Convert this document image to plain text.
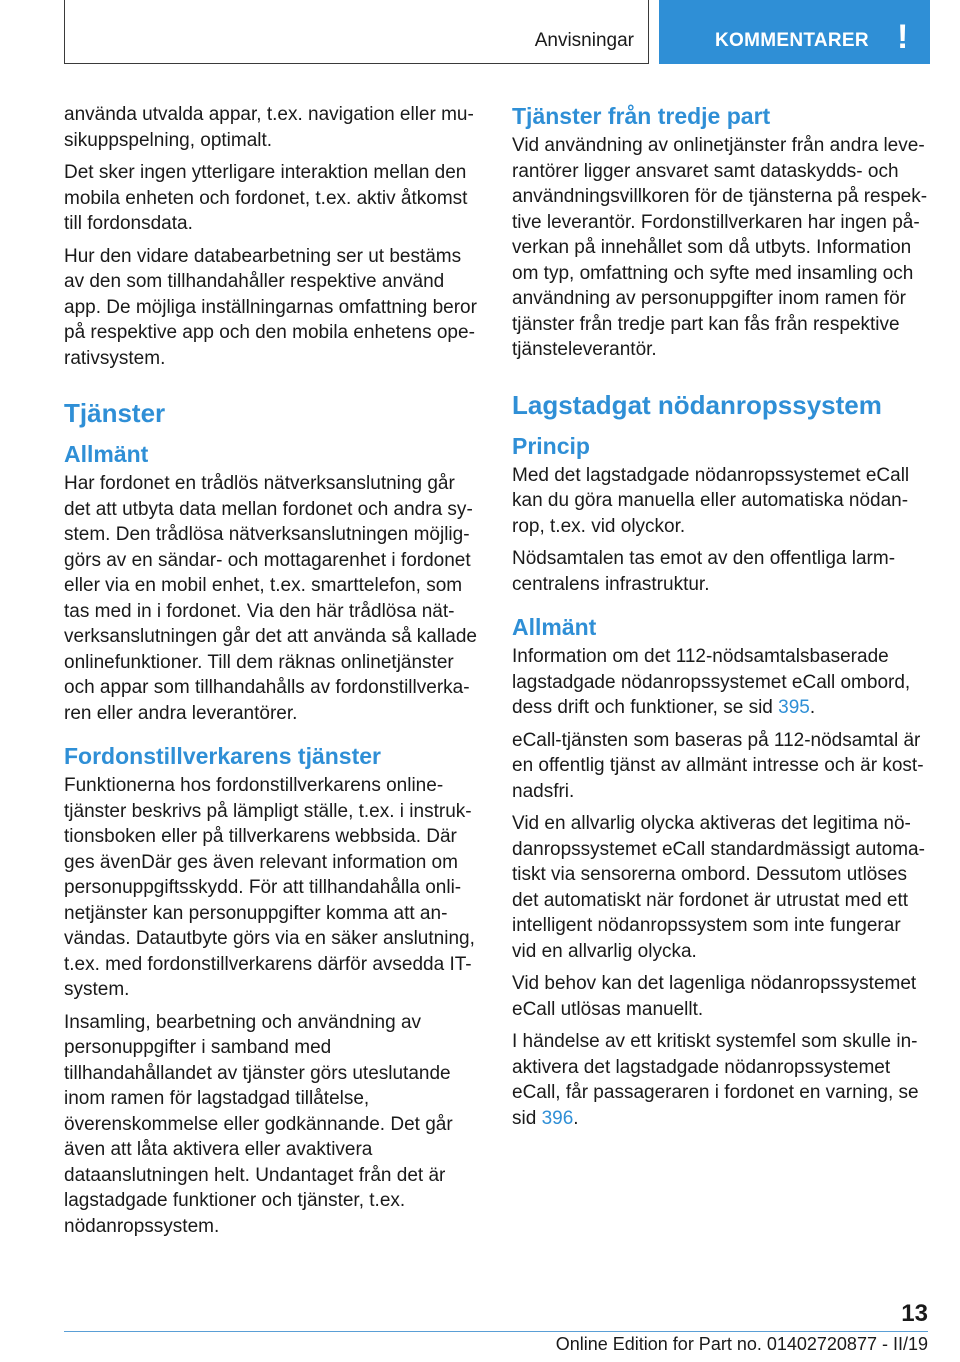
Anvisningar	KOMMENTARER !

använda utvalda appar, t.ex. navigation eller musikuppspelning, optimalt.

Det sker ingen ytterligare interaktion mellan den mobila enheten och fordonet, t.ex. aktiv åtkomst till fordonsdata.

Hur den vidare databearbetning ser ut bestäms av den som tillhandahåller respektive använd app. De möjliga inställningarnas omfattning beror på respektive app och den mobila enhetens operativsystem.

Tjänster
Allmänt

Har fordonet en trådlös nätverksanslutning går det att utbyta data mellan fordonet och andra system. Den trådlösa nätverksanslutningen möjliggörs av en sändar- och mottagarenhet i fordonet eller via en mobil enhet, t.ex. smarttelefon, som tas med in i fordonet. Via den här trådlösa nätverksanslutningen går det att använda så kallade onlinefunktioner. Till dem räknas onlinetjänster och appar som tillhandahålls av fordonstillverkaren eller andra leverantörer.

Fordonstillverkarens tjänster

Funktionerna hos fordonstillverkarens onlinetjänster beskrivs på lämpligt ställe, t.ex. i instruktionsboken eller på tillverkarens webbsida. Där ges ävenDär ges även relevant information om personuppgiftsskydd. För att tillhandahålla onlinetjänster kan personuppgifter komma att användas. Datautbyte görs via en säker anslutning, t.ex. med fordonstillverkarens därför avsedda IT-system.

Insamling, bearbetning och användning av personuppgifter i samband med tillhandahållandet av tjänster görs uteslutande inom ramen för lagstadgad tillåtelse, överenskommelse eller godkännande. Det går även att låta aktivera eller avaktivera dataanslutningen helt. Undantaget från det är lagstadgade funktioner och tjänster, t.ex. nödanropssystem.

Tjänster från tredje part

Vid användning av onlinetjänster från andra leverantörer ligger ansvaret samt dataskydds- och användningsvillkoren för de tjänsterna på respektive leverantör. Fordonstillverkaren har ingen påverkan på innehållet som då utbyts. Information om typ, omfattning och syfte med insamling och användning av personuppgifter inom ramen för tjänster från tredje part kan fås från respektive tjänsteleverantör.

Lagstadgat nödanropssystem
Princip

Med det lagstadgade nödanropssystemet eCall kan du göra manuella eller automatiska nödanrop, t.ex. vid olyckor.

Nödsamtalen tas emot av den offentliga larmcentralens infrastruktur.

Allmänt

Information om det 112-nödsamtalsbaserade lagstadgade nödanropssystemet eCall ombord, dess drift och funktioner, se sid 395.

eCall-tjänsten som baseras på 112-nödsamtal är en offentlig tjänst av allmänt intresse och är kostnadsfri.

Vid en allvarlig olycka aktiveras det legitima nödanropssystemet eCall standardmässigt automatiskt via sensorerna ombord. Dessutom utlöses det automatiskt när fordonet är utrustat med ett intelligent nödanropssystem som inte fungerar vid en allvarlig olycka.

Vid behov kan det lagenliga nödanropssystemet eCall utlösas manuellt.

I händelse av ett kritiskt systemfel som skulle inaktivera det lagstadgade nödanropssystemet eCall, får passageraren i fordonet en varning, se sid 396.

13
Online Edition for Part no. 01402720877 - II/19
